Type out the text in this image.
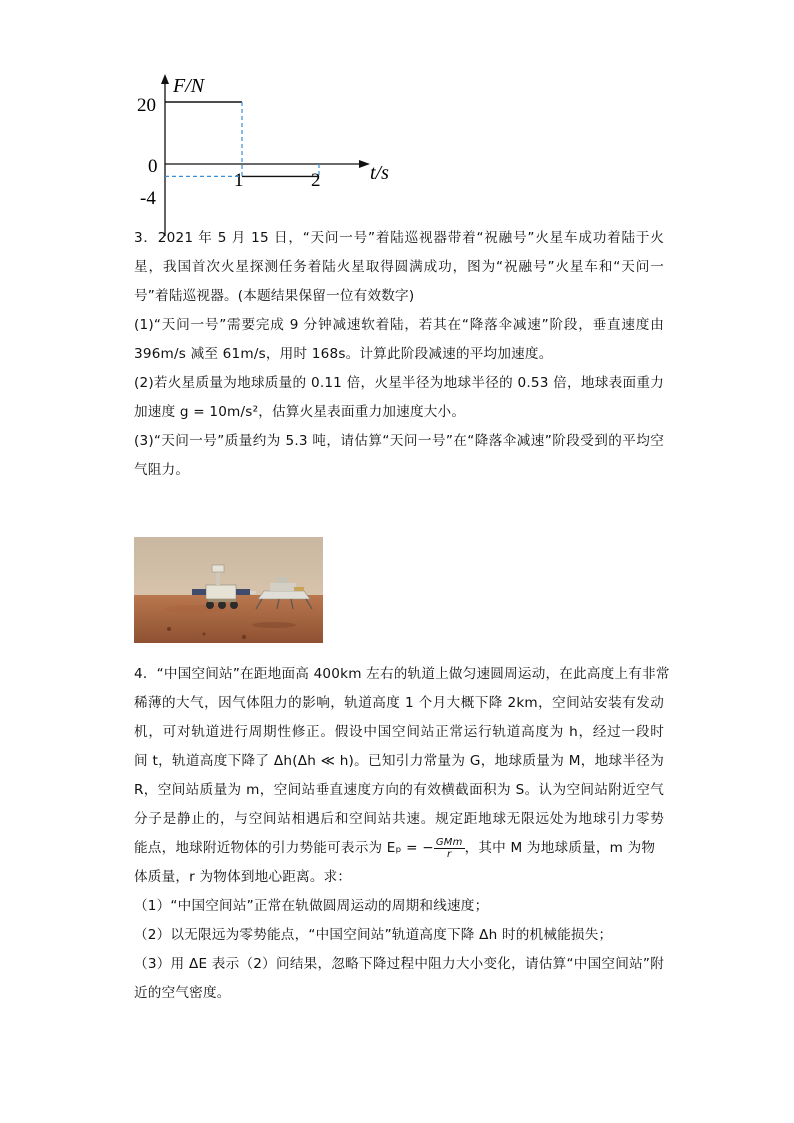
F/N
t/s
20
0
-4
1	2
3．2021 年 5 月 15 日，“天问一号”着陆巡视器带着“祝融号”火星车成功着陆于火
星，我国首次火星探测任务着陆火星取得圆满成功，图为“祝融号”火星车和“天问一
号”着陆巡视器。(本题结果保留一位有效数字)
(1)“天问一号”需要完成 9 分钟减速软着陆，若其在“降落伞减速”阶段，垂直速度由
396m/s 减至 61m/s，用时 168s。计算此阶段减速的平均加速度。
(2)若火星质量为地球质量的 0.11 倍，火星半径为地球半径的 0.53 倍，地球表面重力
加速度 g = 10m/s²，估算火星表面重力加速度大小。
(3)“天问一号”质量约为 5.3 吨，请估算“天问一号”在“降落伞减速”阶段受到的平均空
气阻力。
4．“中国空间站”在距地面高 400km 左右的轨道上做匀速圆周运动，在此高度上有非常
稀薄的大气，因气体阻力的影响，轨道高度 1 个月大概下降 2km，空间站安装有发动
机，可对轨道进行周期性修正。假设中国空间站正常运行轨道高度为 h，经过一段时
间 t，轨道高度下降了 Δh(Δh ≪ h)。已知引力常量为 G，地球质量为 M，地球半径为
R，空间站质量为 m，空间站垂直速度方向的有效横截面积为 S。认为空间站附近空气
分子是静止的，与空间站相遇后和空间站共速。规定距地球无限远处为地球引力零势
能点，地球附近物体的引力势能可表示为 Eₚ = − $\frac{\text{GMm}}{r}$ ，其中 M 为地球质量，m 为物
体质量，r 为物体到地心距离。求：
（1）“中国空间站”正常在轨做圆周运动的周期和线速度；
（2）以无限远为零势能点，“中国空间站”轨道高度下降 Δh 时的机械能损失；
（3）用 ΔE 表示（2）问结果，忽略下降过程中阻力大小变化，请估算“中国空间站”附
近的空气密度。
